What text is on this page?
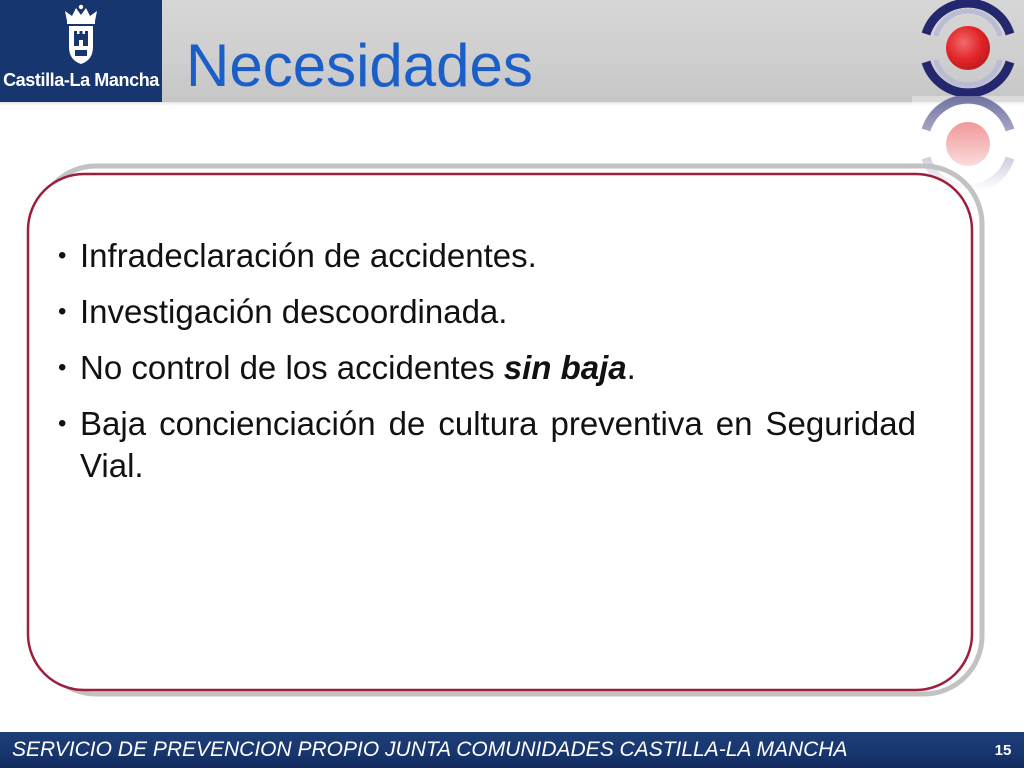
Castilla-La Mancha Necesidades
• Infradeclaración de accidentes.
• Investigación descoordinada.
• No control de los accidentes sin baja.
• Baja concienciación de cultura preventiva en Seguridad Vial.
SERVICIO DE PREVENCION PROPIO JUNTA COMUNIDADES CASTILLA-LA MANCHA	15
